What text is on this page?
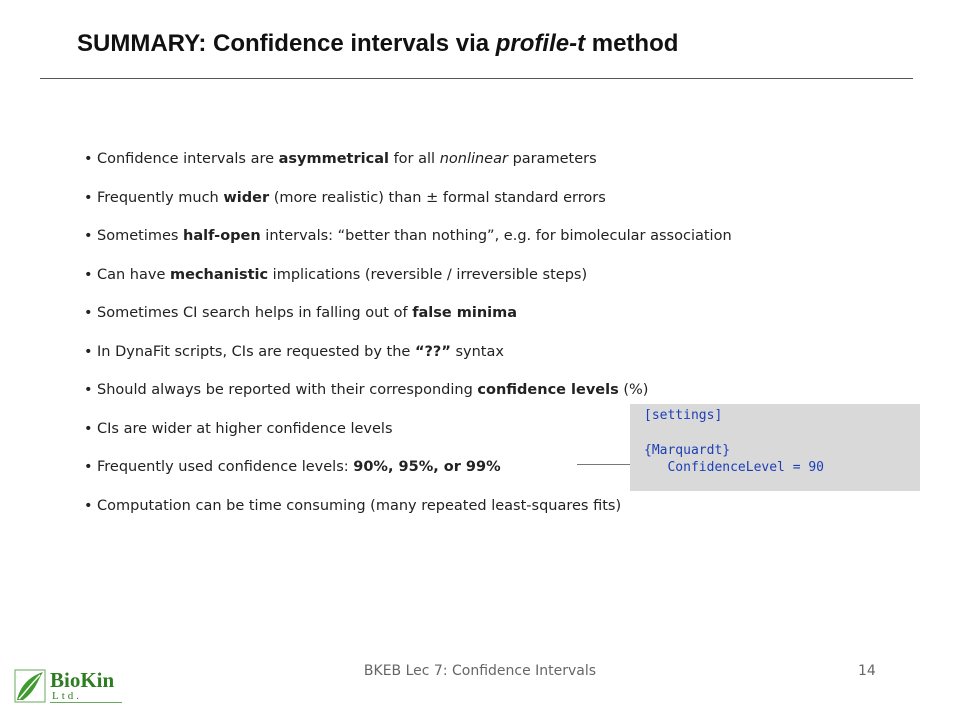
SUMMARY: Confidence intervals via profile-t method
• Confidence intervals are asymmetrical for all nonlinear parameters
• Frequently much wider (more realistic) than ± formal standard errors
• Sometimes half-open intervals: “better than nothing”, e.g. for bimolecular association
• Can have mechanistic implications (reversible / irreversible steps)
• Sometimes CI search helps in falling out of false minima
• In DynaFit scripts, CIs are requested by the “??” syntax
• Should always be reported with their corresponding confidence levels (%)
• CIs are wider at higher confidence levels
• Frequently used confidence levels: 90%, 95%, or 99%
• Computation can be time consuming (many repeated least-squares fits)
[settings]
{Marquardt}
ConfidenceLevel = 90
BKEB Lec 7: Confidence Intervals	14
BioKin
Ltd.
